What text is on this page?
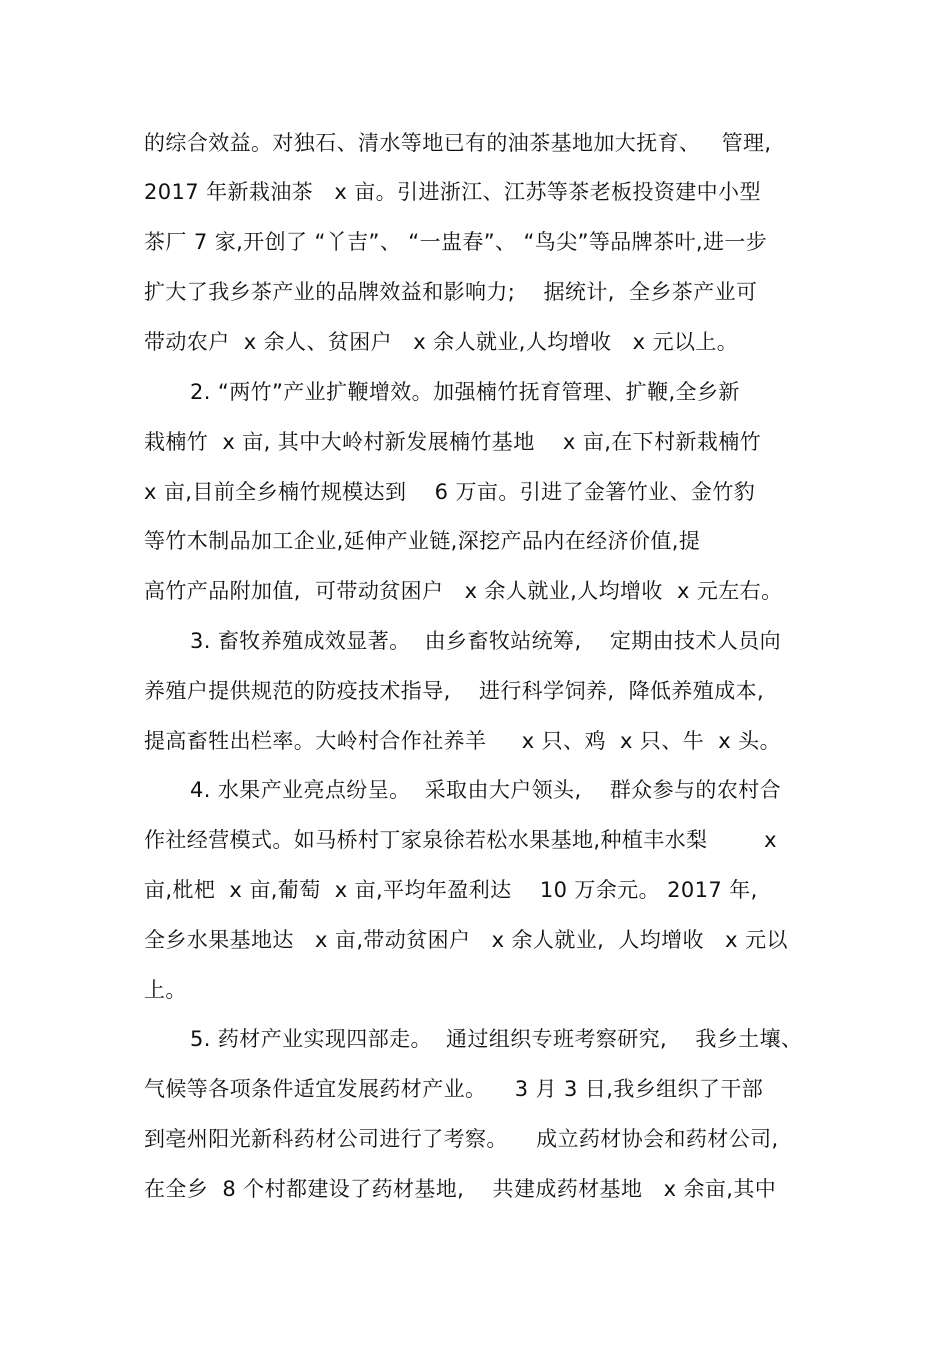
的综合效益。对独石、清水等地已有的油茶基地加大抚育、   管理,
2017 年新栽油茶   x 亩。引进浙江、江苏等茶老板投资建中小型
茶厂 7 家,开创了 “丫吉”、 “一盅春”、 “鸟尖”等品牌茶叶,进一步
扩大了我乡茶产业的品牌效益和影响力;    据统计,  全乡茶产业可
带动农户  x 余人、贫困户   x 余人就业,人均增收   x 元以上。
2. “两竹”产业扩鞭增效。加强楠竹抚育管理、扩鞭,全乡新
栽楠竹  x 亩, 其中大岭村新发展楠竹基地    x 亩,在下村新栽楠竹
x 亩,目前全乡楠竹规模达到    6 万亩。引进了金箸竹业、金竹豹
等竹木制品加工企业,延伸产业链,深挖产品内在经济价值,提
高竹产品附加值,  可带动贫困户   x 余人就业,人均增收  x 元左右。
3. 畜牧养殖成效显著。  由乡畜牧站统筹,    定期由技术人员向
养殖户提供规范的防疫技术指导,    进行科学饲养,  降低养殖成本,
提高畜牲出栏率。大岭村合作社养羊     x 只、鸡  x 只、牛  x 头。
4. 水果产业亮点纷呈。  采取由大户领头,    群众参与的农村合
作社经营模式。如马桥村丁家泉徐若松水果基地,种植丰水梨        x
亩,枇杷  x 亩,葡萄  x 亩,平均年盈利达    10 万余元。 2017 年,
全乡水果基地达   x 亩,带动贫困户   x 余人就业,  人均增收   x 元以
上。
5. 药材产业实现四部走。  通过组织专班考察研究,    我乡土壤、
气候等各项条件适宜发展药材产业。    3 月 3 日,我乡组织了干部
到亳州阳光新科药材公司进行了考察。    成立药材协会和药材公司,
在全乡  8 个村都建设了药材基地,    共建成药材基地   x 余亩,其中
